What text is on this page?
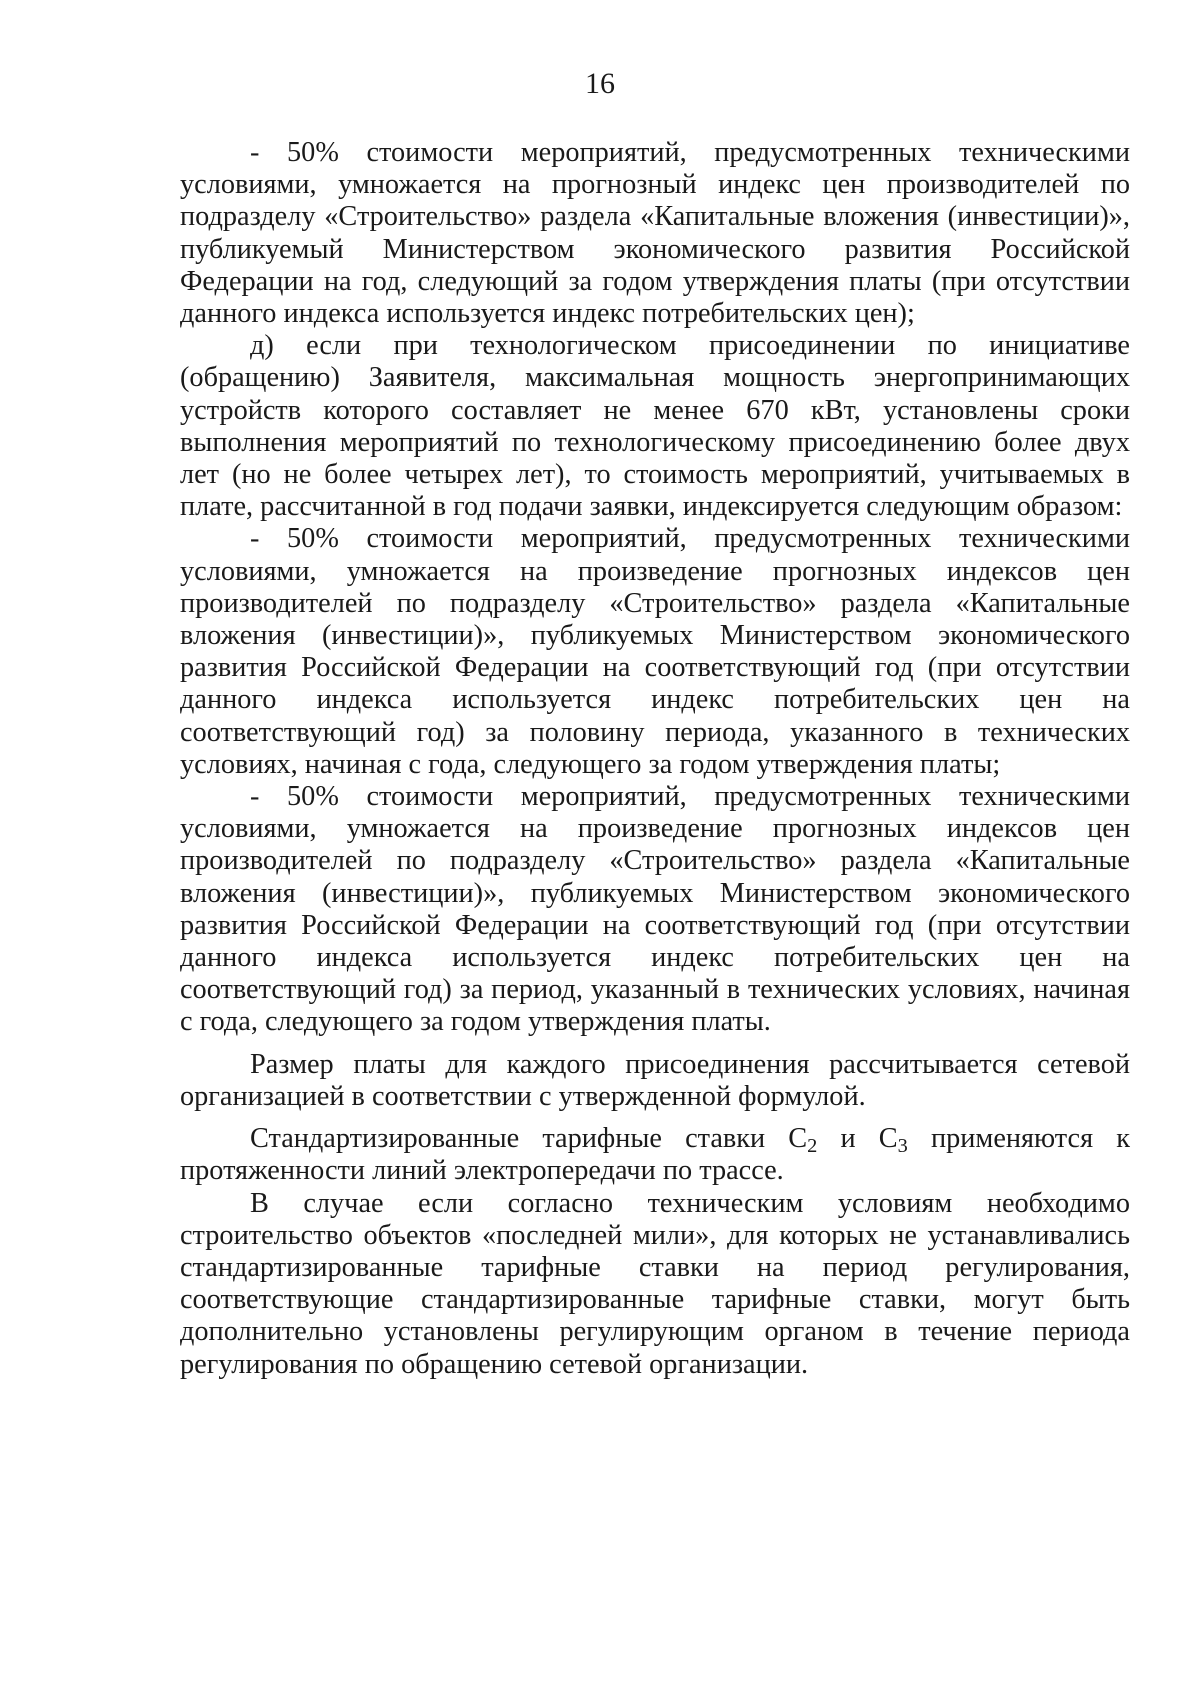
16

- 50% стоимости мероприятий, предусмотренных техническими условиями, умножается на прогнозный индекс цен производителей по подразделу «Строительство» раздела «Капитальные вложения (инвестиции)», публикуемый Министерством экономического развития Российской Федерации на год, следующий за годом утверждения платы (при отсутствии данного индекса используется индекс потребительских цен);

д) если при технологическом присоединении по инициативе (обращению) Заявителя, максимальная мощность энергопринимающих устройств которого составляет не менее 670 кВт, установлены сроки выполнения мероприятий по технологическому присоединению более двух лет (но не более четырех лет), то стоимость мероприятий, учитываемых в плате, рассчитанной в год подачи заявки, индексируется следующим образом:

- 50% стоимости мероприятий, предусмотренных техническими условиями, умножается на произведение прогнозных индексов цен производителей по подразделу «Строительство» раздела «Капитальные вложения (инвестиции)», публикуемых Министерством экономического развития Российской Федерации на соответствующий год (при отсутствии данного индекса используется индекс потребительских цен на соответствующий год) за половину периода, указанного в технических условиях, начиная с года, следующего за годом утверждения платы;

- 50% стоимости мероприятий, предусмотренных техническими условиями, умножается на произведение прогнозных индексов цен производителей по подразделу «Строительство» раздела «Капитальные вложения (инвестиции)», публикуемых Министерством экономического развития Российской Федерации на соответствующий год (при отсутствии данного индекса используется индекс потребительских цен на соответствующий год) за период, указанный в технических условиях, начиная с года, следующего за годом утверждения платы.

Размер платы для каждого присоединения рассчитывается сетевой организацией в соответствии с утвержденной формулой.

Стандартизированные тарифные ставки $С_2$ и $С_3$ применяются к протяженности линий электропередачи по трассе.

В случае если согласно техническим условиям необходимо строительство объектов «последней мили», для которых не устанавливались стандартизированные тарифные ставки на период регулирования, соответствующие стандартизированные тарифные ставки, могут быть дополнительно установлены регулирующим органом в течение периода регулирования по обращению сетевой организации.
